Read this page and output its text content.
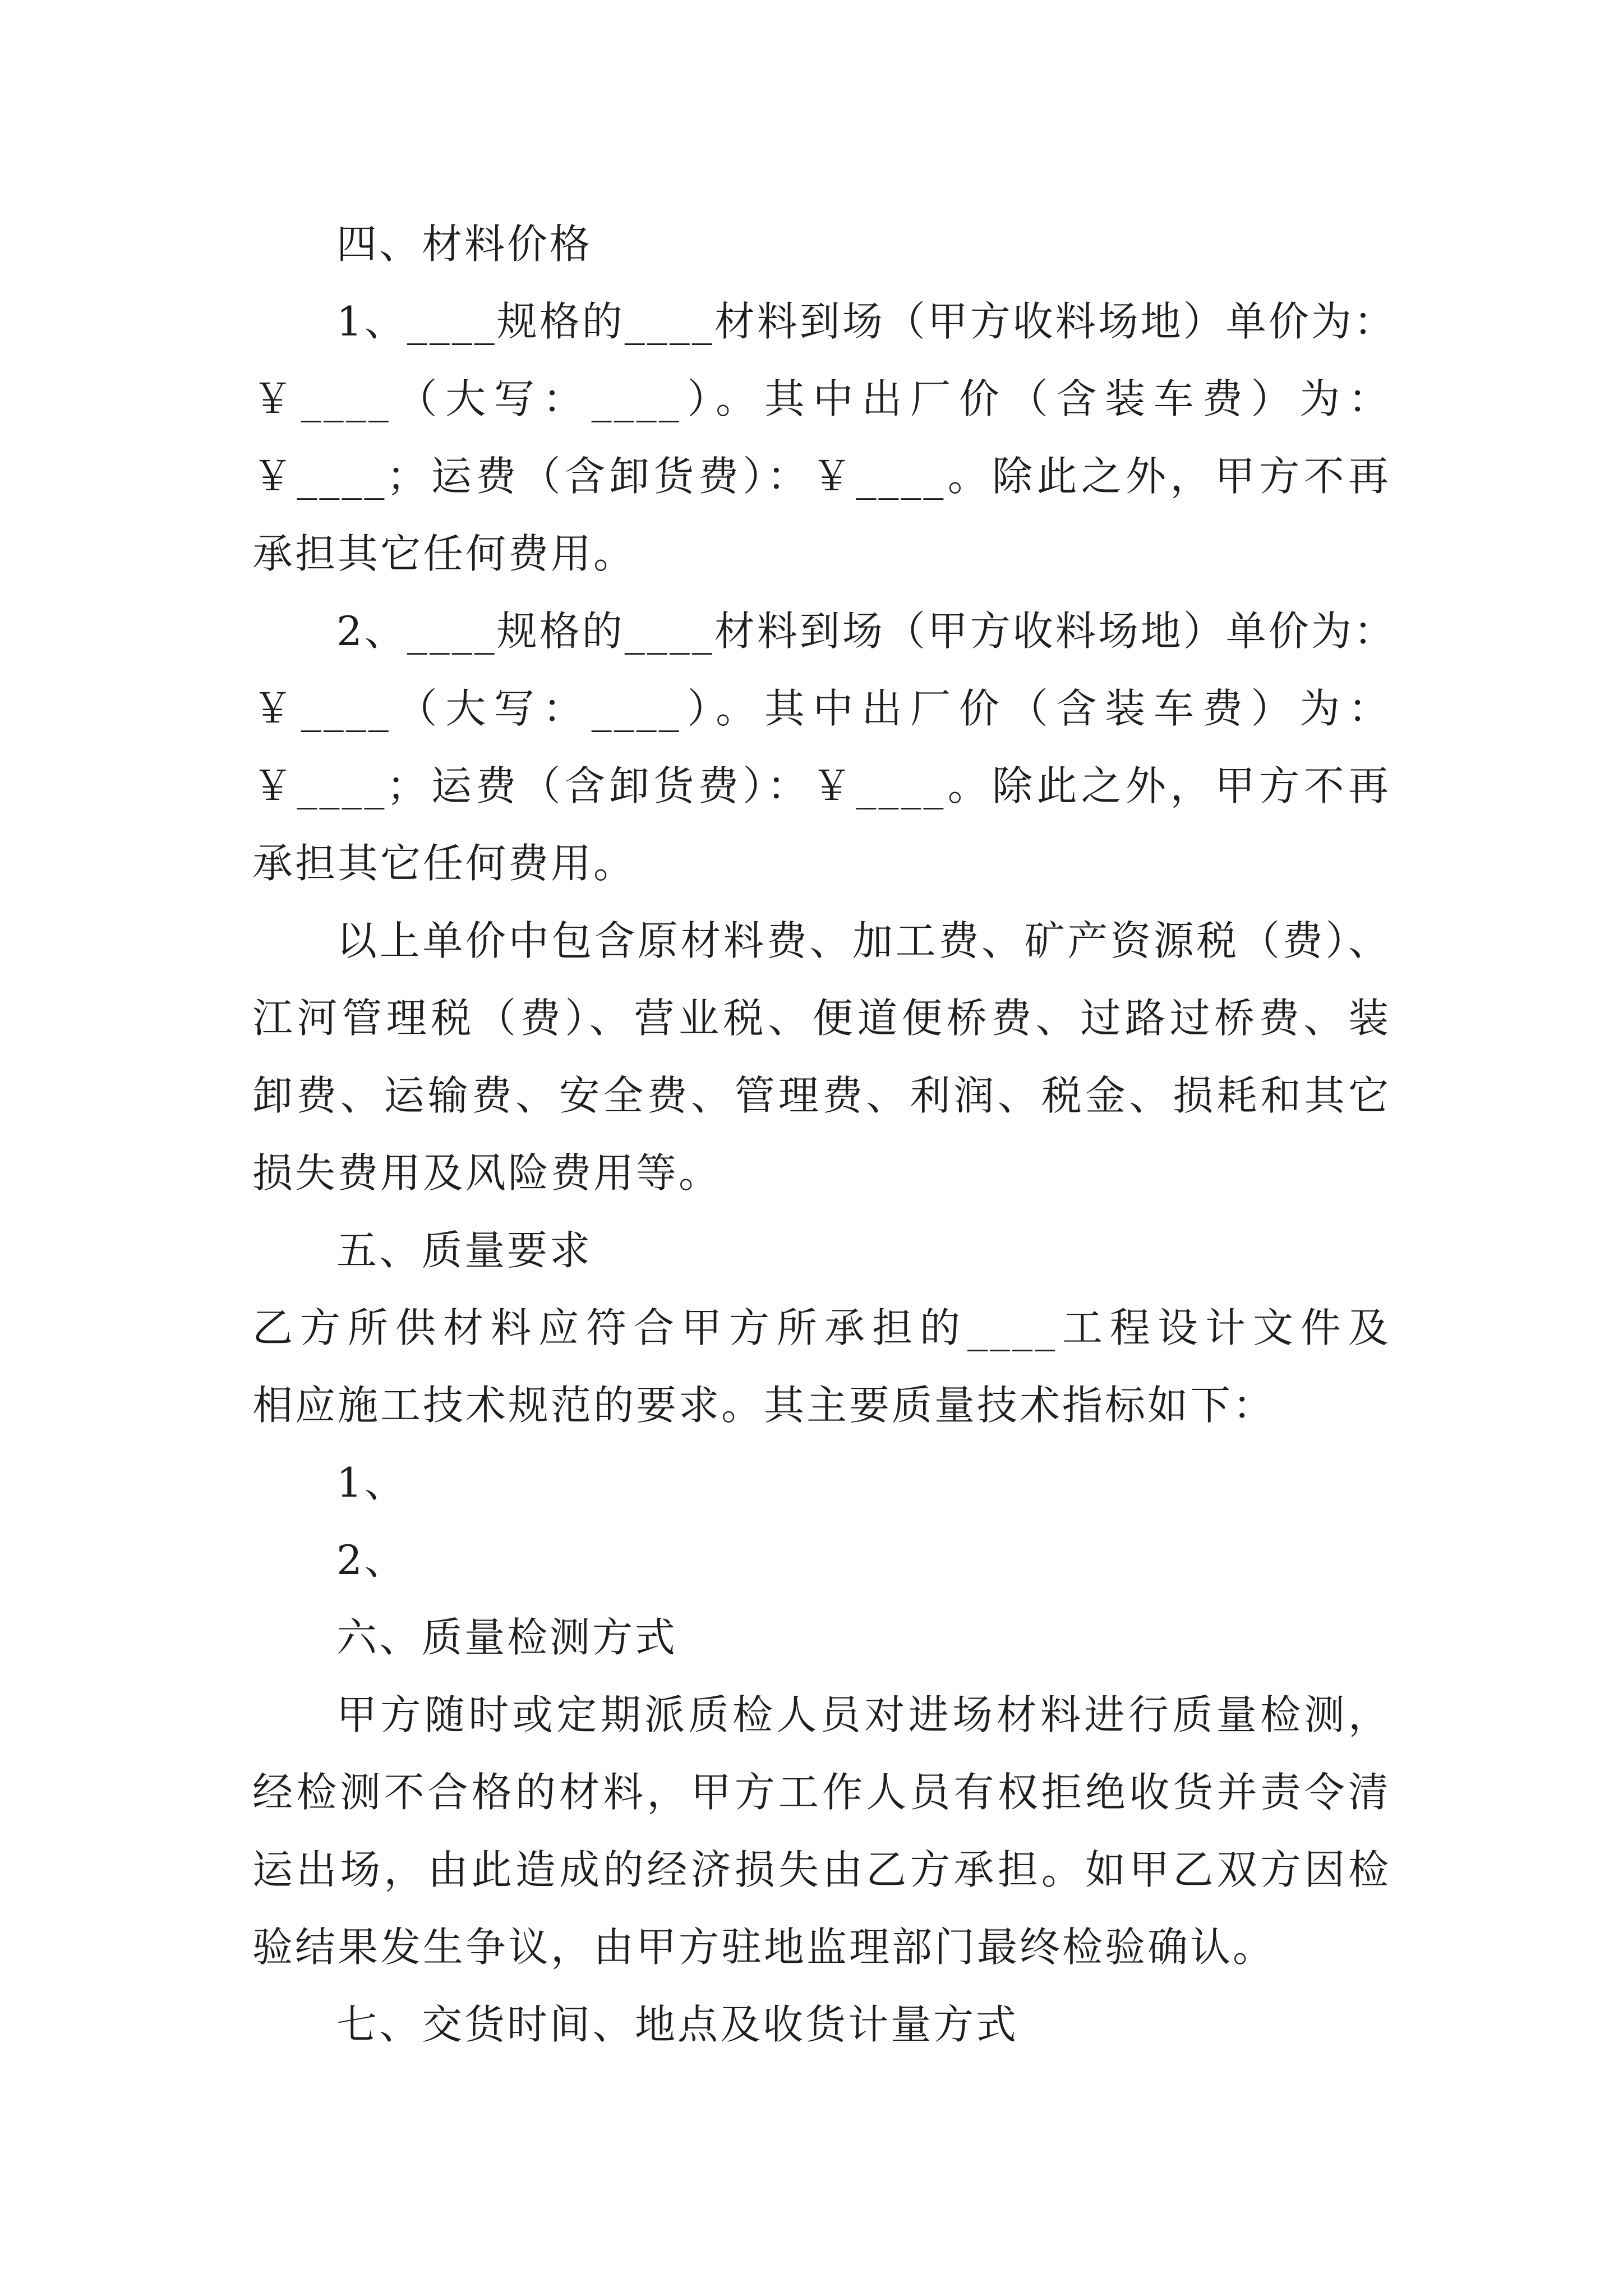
四、材料价格
1、____规格的____材料到场（甲方收料场地）单价为：
￥____（大写：____）。其中出厂价（含装车费）为：
￥____；运费（含卸货费）：￥____。除此之外，甲方不再
承担其它任何费用。
2、____规格的____材料到场（甲方收料场地）单价为：
￥____（大写：____）。其中出厂价（含装车费）为：
￥____；运费（含卸货费）：￥____。除此之外，甲方不再
承担其它任何费用。
以上单价中包含原材料费、加工费、矿产资源税（费）、
江河管理税（费）、营业税、便道便桥费、过路过桥费、装
卸费、运输费、安全费、管理费、利润、税金、损耗和其它
损失费用及风险费用等。
五、质量要求
乙方所供材料应符合甲方所承担的____工程设计文件及
相应施工技术规范的要求。其主要质量技术指标如下：
1、
2、
六、质量检测方式
甲方随时或定期派质检人员对进场材料进行质量检测，
经检测不合格的材料，甲方工作人员有权拒绝收货并责令清
运出场，由此造成的经济损失由乙方承担。如甲乙双方因检
验结果发生争议，由甲方驻地监理部门最终检验确认。
七、交货时间、地点及收货计量方式
